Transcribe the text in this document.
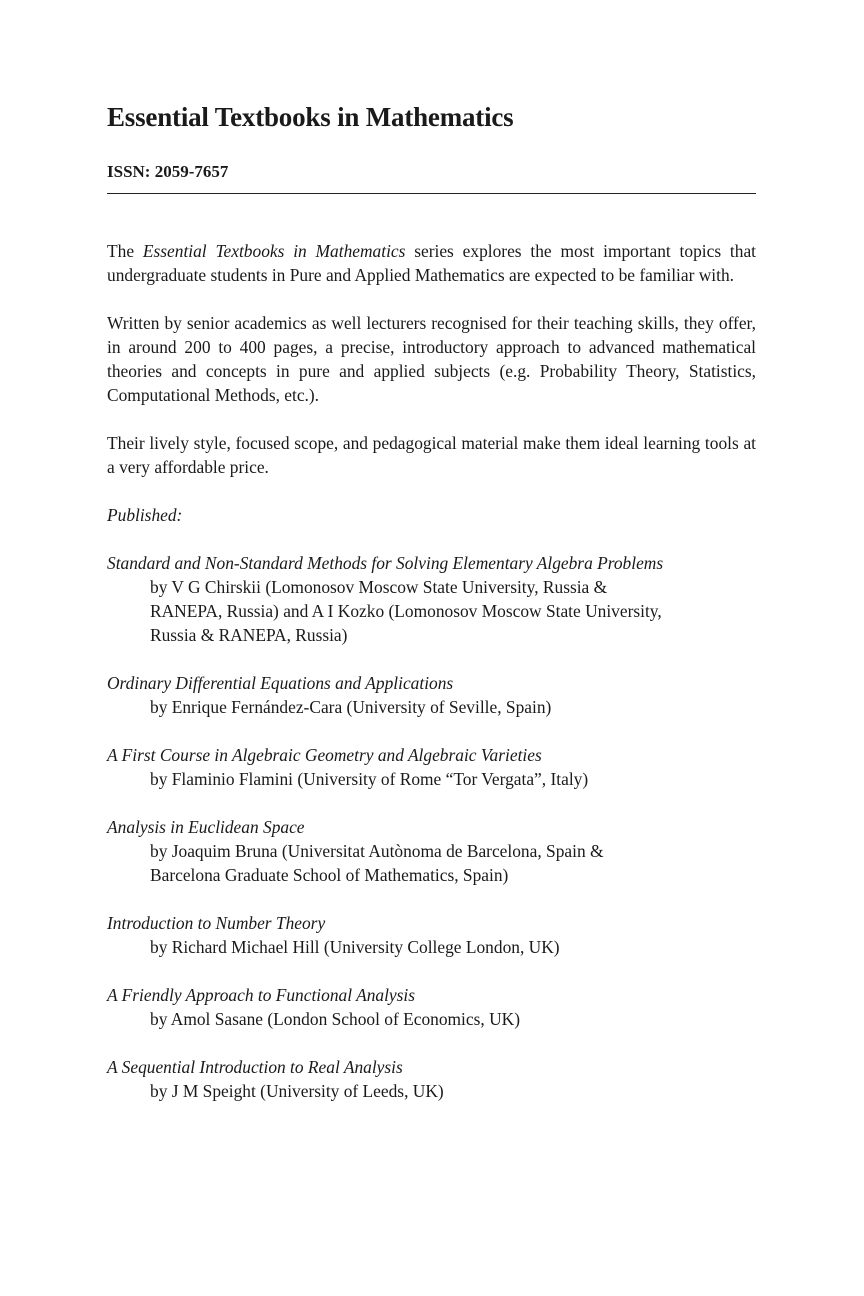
Essential Textbooks in Mathematics
ISSN: 2059-7657

The Essential Textbooks in Mathematics series explores the most important topics that undergraduate students in Pure and Applied Mathematics are expected to be familiar with.

Written by senior academics as well lecturers recognised for their teaching skills, they offer, in around 200 to 400 pages, a precise, introductory approach to advanced mathematical theories and concepts in pure and applied subjects (e.g. Probability Theory, Statistics, Computational Methods, etc.).

Their lively style, focused scope, and pedagogical material make them ideal learning tools at a very affordable price.

Published:
Standard and Non-Standard Methods for Solving Elementary Algebra Problems
by V G Chirskii (Lomonosov Moscow State University, Russia &
RANEPA, Russia) and A I Kozko (Lomonosov Moscow State University,
Russia & RANEPA, Russia)
Ordinary Differential Equations and Applications
by Enrique Fernández-Cara (University of Seville, Spain)
A First Course in Algebraic Geometry and Algebraic Varieties
by Flaminio Flamini (University of Rome “Tor Vergata”, Italy)
Analysis in Euclidean Space
by Joaquim Bruna (Universitat Autònoma de Barcelona, Spain &
Barcelona Graduate School of Mathematics, Spain)
Introduction to Number Theory
by Richard Michael Hill (University College London, UK)
A Friendly Approach to Functional Analysis
by Amol Sasane (London School of Economics, UK)
A Sequential Introduction to Real Analysis
by J M Speight (University of Leeds, UK)
